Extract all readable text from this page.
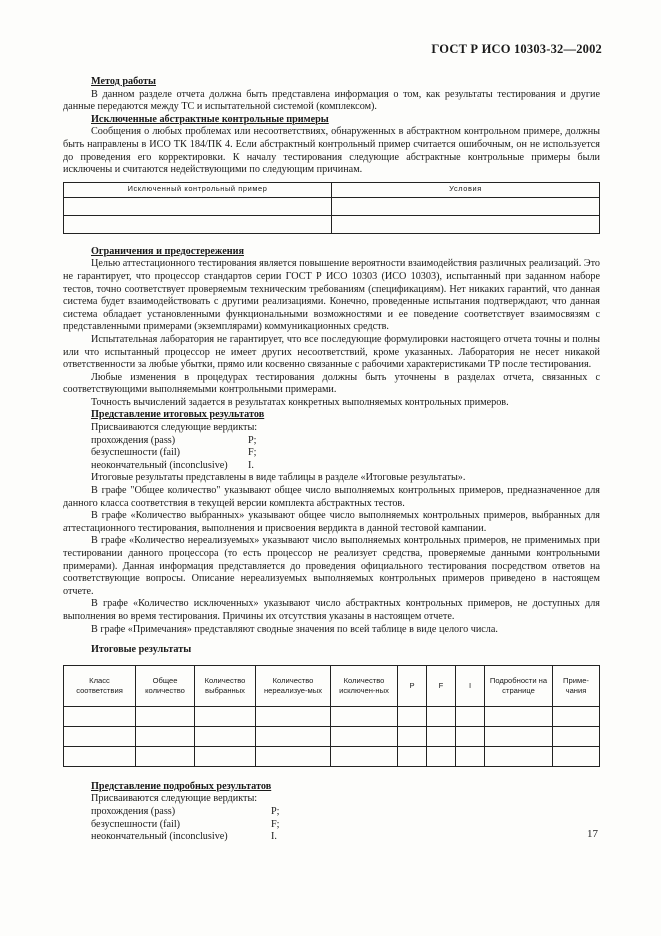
ГОСТ Р ИСО 10303-32—2002
Метод работы

В данном разделе отчета должна быть представлена информация о том, как результаты тестирования и другие данные передаются между ТС и испытательной системой (комплексом).

Исключенные абстрактные контрольные примеры

Сообщения о любых проблемах или несоответствиях, обнаруженных в абстрактном контрольном примере, должны быть направлены в ИСО ТК 184/ПК 4. Если абстрактный контрольный пример считается ошибочным, он не используется до проведения его корректировки. К началу тестирования следующие абстрактные контрольные примеры были исключены и считаются недействующими по следующим причинам.

Исключенный контрольный пример	Условия

Ограничения и предостережения

Целью аттестационного тестирования является повышение вероятности взаимодействия различных реализаций. Это не гарантирует, что процессор стандартов серии ГОСТ Р ИСО 10303 (ИСО 10303), испытанный при заданном наборе тестов, точно соответствует проверяемым техническим требованиям (спецификациям). Нет никаких гарантий, что данная система будет взаимодействовать с другими реализациями. Конечно, проведенные испытания подтверждают, что данная система обладает установленными функциональными возможностями и ее поведение соответствует взаимосвязям с представленными примерами (экземплярами) коммуникационных средств.

Испытательная лаборатория не гарантирует, что все последующие формулировки настоящего отчета точны и полны или что испытанный процессор не имеет других несоответствий, кроме указанных. Лаборатория не несет никакой ответственности за любые убытки, прямо или косвенно связанные с рабочими характеристиками ТР после тестирования.

Любые изменения в процедурах тестирования должны быть уточнены в разделах отчета, связанных с соответствующими выполняемыми контрольными примерами.

Точность вычислений задается в результатах конкретных выполняемых контрольных примеров.

Представление итоговых результатов
Присваиваются следующие вердикты:
прохождения (pass)	P;
безуспешности (fail)	F;
неокончательный (inconclusive)	I.

Итоговые результаты представлены в виде таблицы в разделе «Итоговые результаты».

В графе "Общее количество" указывают общее число выполняемых контрольных примеров, предназначенное для данного класса соответствия в текущей версии комплекта абстрактных тестов.

В графе «Количество выбранных» указывают общее число выполняемых контрольных примеров, выбранных для аттестационного тестирования, выполнения и присвоения вердикта в данной тестовой кампании.

В графе «Количество нереализуемых» указывают число выполняемых контрольных примеров, не применимых при тестировании данного процессора (то есть процессор не реализует средства, проверяемые данными контрольными примерами). Данная информация представляется до проведения официального тестирования посредством ответов на соответствующие вопросы. Описание нереализуемых выполняемых контрольных примеров приведено в настоящем отчете.

В графе «Количество исключенных» указывают число абстрактных контрольных примеров, не доступных для выполнения во время тестирования. Причины их отсутствия указаны в настоящем отчете.

В графе «Примечания» представляют сводные значения по всей таблице в виде целого числа.

Итоговые результаты
Класс соответствия	Общее количество	Количество выбранных	Количество нереализуе-мых	Количество исключен-ных	P	F	I	Подробности на странице	Приме-чания

Представление подробных результатов
Присваиваются следующие вердикты:
прохождения (pass)	P;
безуспешности (fail)	F;
неокончательный (inconclusive)	I.	17
